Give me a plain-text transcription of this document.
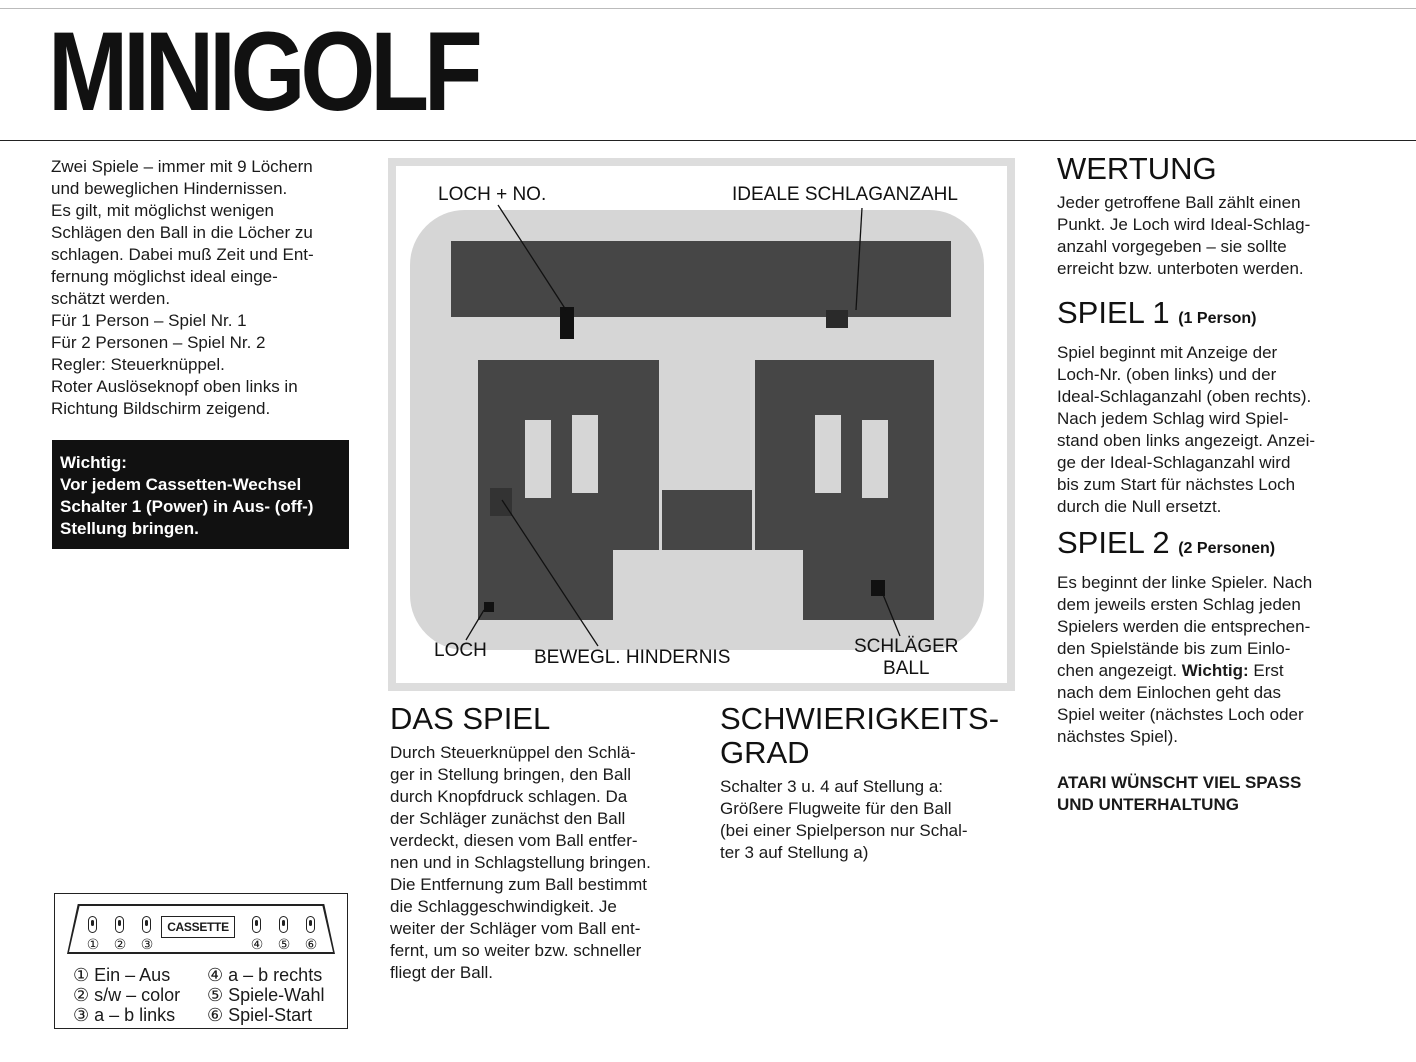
MINIGOLF
Zwei Spiele – immer mit 9 Löchern
und beweglichen Hindernissen.
Es gilt, mit möglichst wenigen
Schlägen den Ball in die Löcher zu
schlagen. Dabei muß Zeit und Ent-
fernung möglichst ideal einge-
schätzt werden.
Für 1 Person – Spiel Nr. 1
Für 2 Personen – Spiel Nr. 2
Regler: Steuerknüppel.
Roter Auslöseknopf oben links in
Richtung Bildschirm zeigend.
Wichtig:
Vor jedem Cassetten-Wechsel
Schalter 1 (Power) in Aus- (off-)
Stellung bringen.
LOCH + NO.	IDEALE SCHLAGANZAHL
LOCH BEWEGL. HINDERNIS
SCHLÄGER
BALL
DAS SPIEL
Durch Steuerknüppel den Schlä-
ger in Stellung bringen, den Ball
durch Knopfdruck schlagen. Da
der Schläger zunächst den Ball
verdeckt, diesen vom Ball entfer-
nen und in Schlagstellung bringen.
Die Entfernung zum Ball bestimmt
die Schlaggeschwindigkeit. Je
weiter der Schläger vom Ball ent-
fernt, um so weiter bzw. schneller
fliegt der Ball.
SCHWIERIGKEITS-
GRAD
Schalter 3 u. 4 auf Stellung a:
Größere Flugweite für den Ball
(bei einer Spielperson nur Schal-
ter 3 auf Stellung a)
WERTUNG
Jeder getroffene Ball zählt einen
Punkt. Je Loch wird Ideal-Schlag-
anzahl vorgegeben – sie sollte
erreicht bzw. unterboten werden.
SPIEL 1 (1 Person)
Spiel beginnt mit Anzeige der
Loch-Nr. (oben links) und der
Ideal-Schlaganzahl (oben rechts).
Nach jedem Schlag wird Spiel-
stand oben links angezeigt. Anzei-
ge der Ideal-Schlaganzahl wird
bis zum Start für nächstes Loch
durch die Null ersetzt.
SPIEL 2 (2 Personen)
Es beginnt der linke Spieler. Nach
dem jeweils ersten Schlag jeden
Spielers werden die entsprechen-
den Spielstände bis zum Einlo-
chen angezeigt. Wichtig: Erst
nach dem Einlochen geht das
Spiel weiter (nächstes Loch oder
nächstes Spiel).
ATARI WÜNSCHT VIEL SPASS
UND UNTERHALTUNG
CASSETTE
① ② ③	④ ⑤ ⑥
① Ein – Aus
② s/w – color
③ a – b links
④ a – b rechts
⑤ Spiele-Wahl
⑥ Spiel-Start
